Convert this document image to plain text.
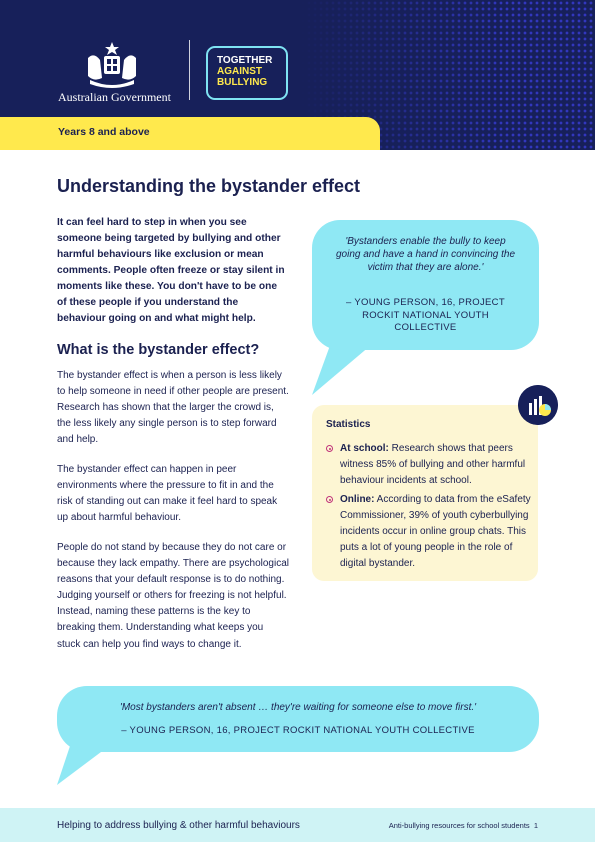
Australian Government
TOGETHER
AGAINST
BULLYING
Years 8 and above
Understanding the bystander effect

It can feel hard to step in when you see someone being targeted by bullying and other harmful behaviours like exclusion or mean comments. People often freeze or stay silent in moments like these. You don't have to be one of these people if you understand the behaviour going on and what might help.

What is the bystander effect?

The bystander effect is when a person is less likely to help someone in need if other people are present. Research has shown that the larger the crowd is, the less likely any single person is to step forward and help.

The bystander effect can happen in peer environments where the pressure to fit in and the risk of standing out can make it feel hard to speak up about harmful behaviour.

People do not stand by because they do not care or because they lack empathy. There are psychological reasons that your default response is to do nothing. Judging yourself or others for freezing is not helpful. Instead, naming these patterns is the key to breaking them. Understanding what keeps you stuck can help you find ways to change it.

'Bystanders enable the bully to keep going and have a hand in convincing the victim that they are alone.'
– YOUNG PERSON, 16, PROJECT ROCKIT NATIONAL YOUTH COLLECTIVE
Statistics
At school: Research shows that peers witness 85% of bullying and other harmful behaviour incidents at school.
Online: According to data from the eSafety Commissioner, 39% of youth cyberbullying incidents occur in online group chats. This puts a lot of young people in the role of digital bystander.
'Most bystanders aren't absent … they're waiting for someone else to move first.'
– YOUNG PERSON, 16, PROJECT ROCKIT NATIONAL YOUTH COLLECTIVE
Helping to address bullying & other harmful behaviours	Anti-bullying resources for school students 1
